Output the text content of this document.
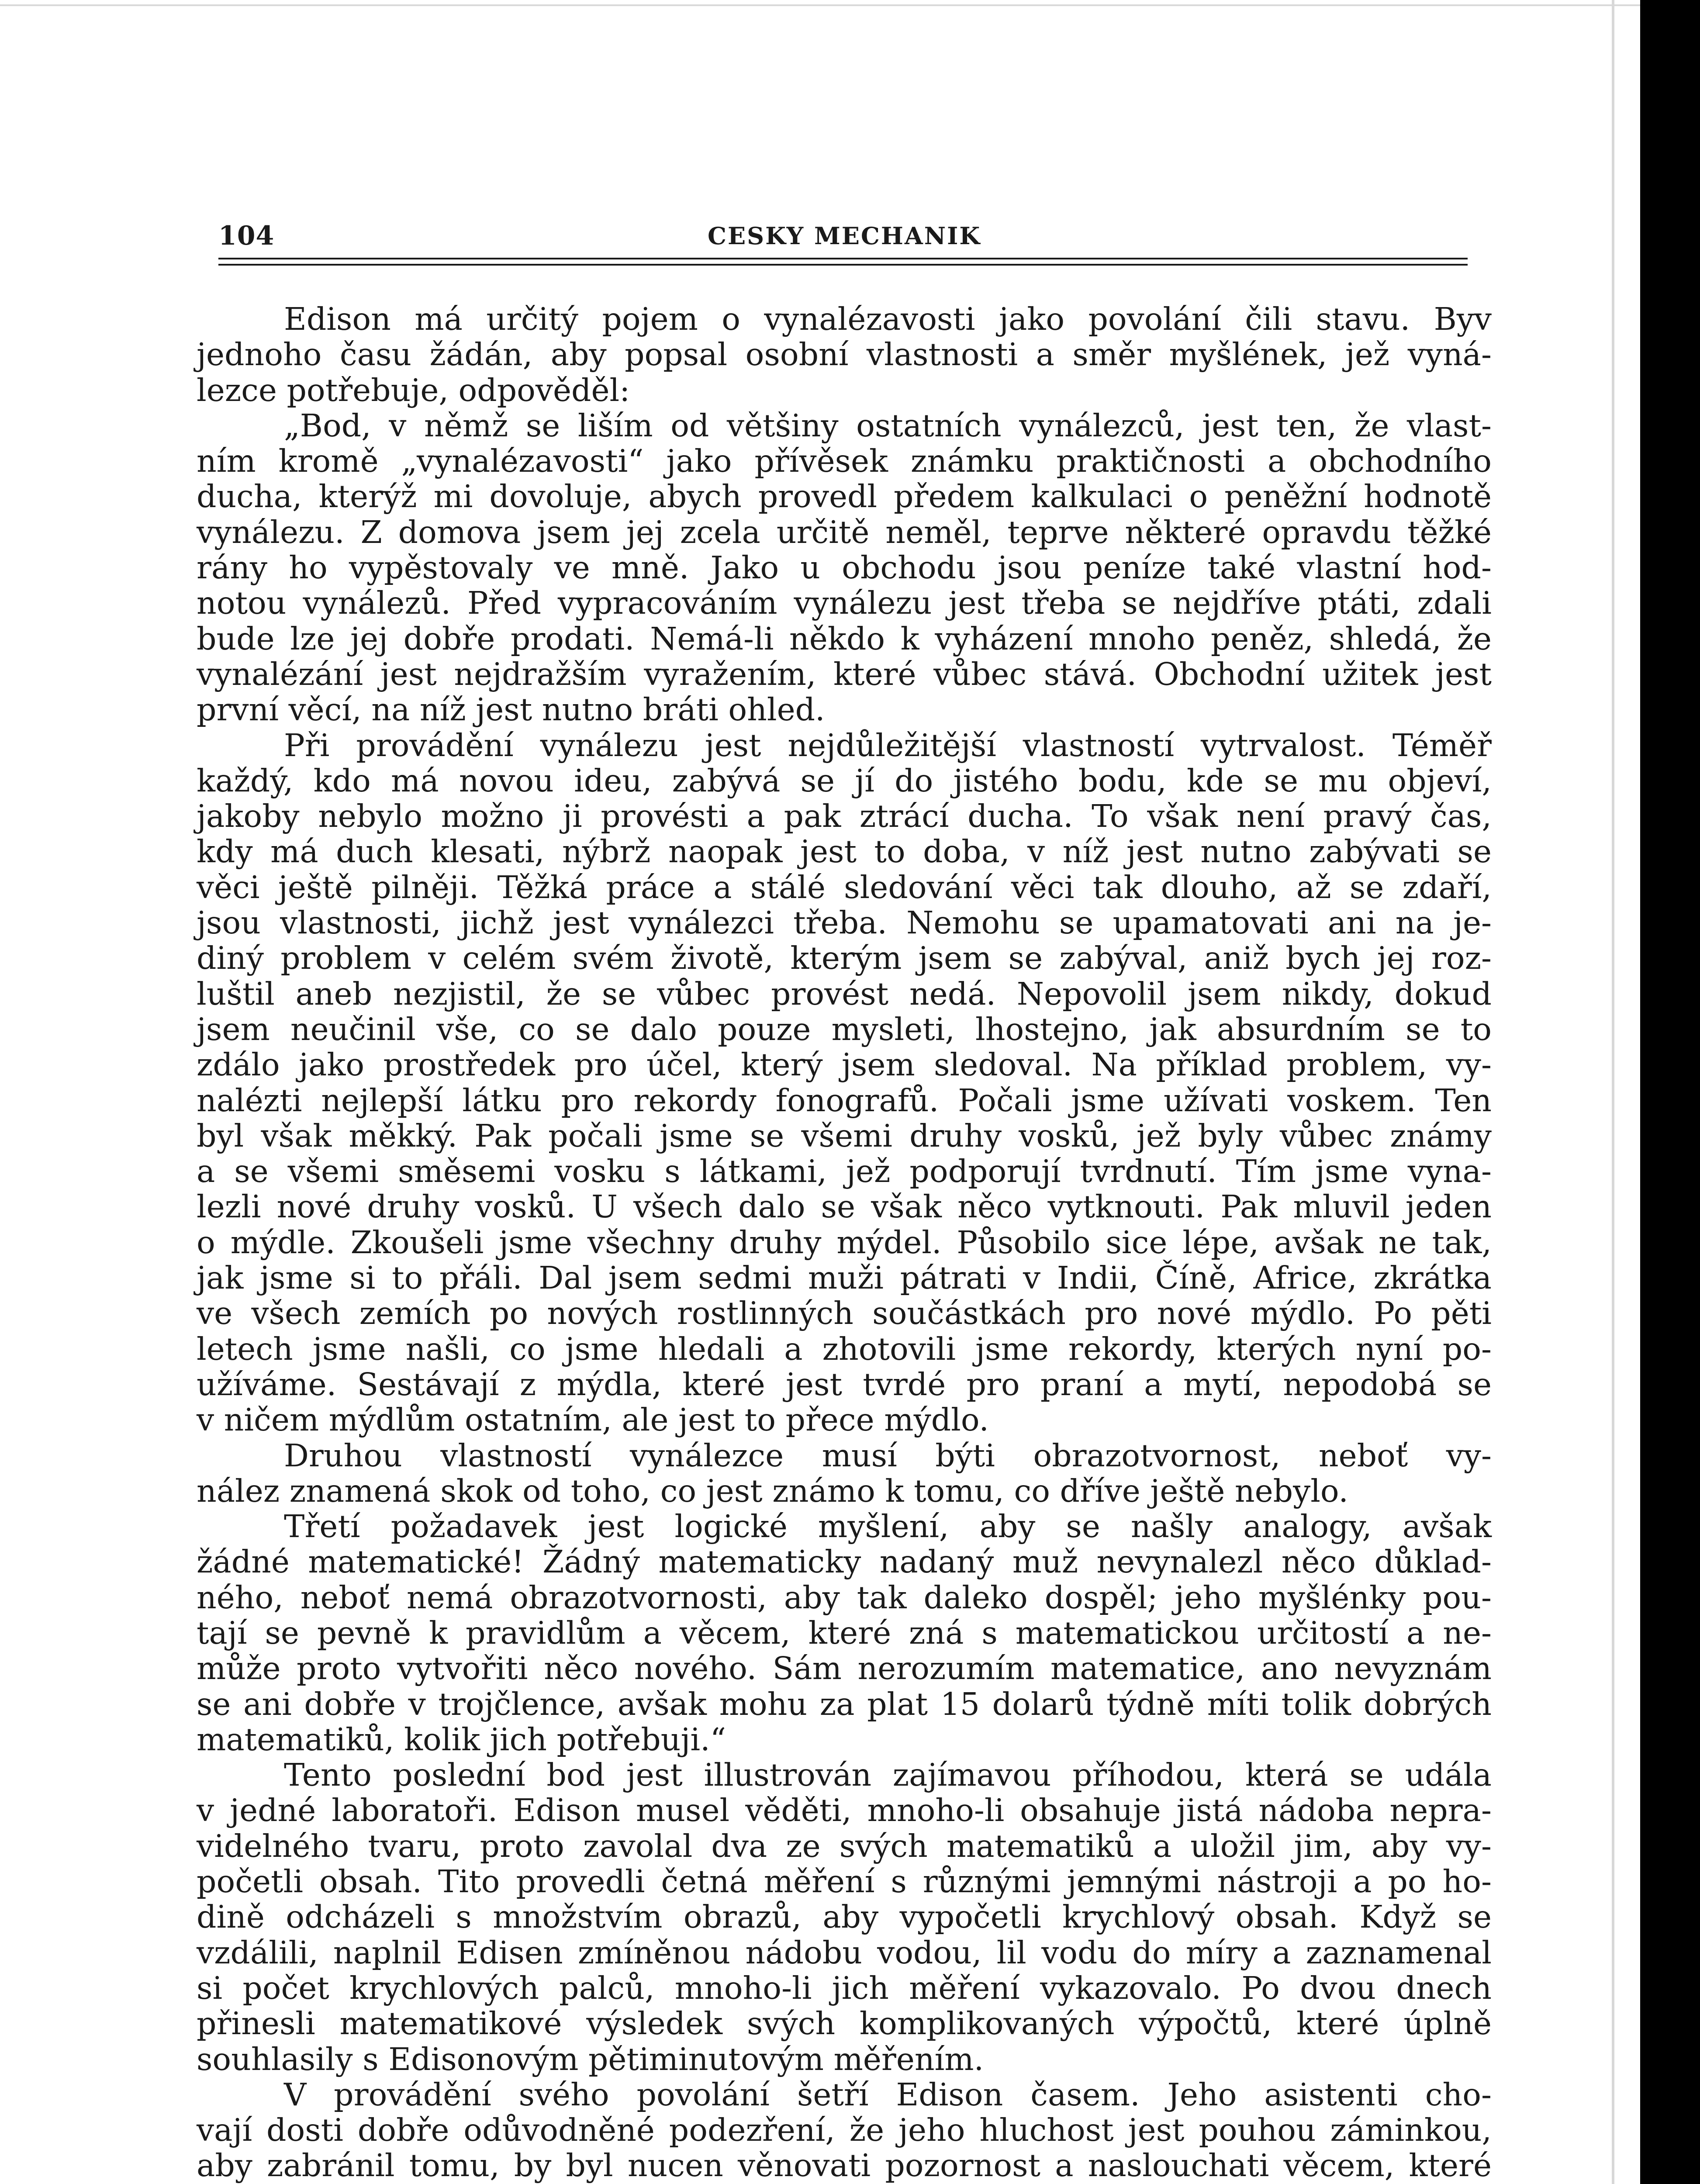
104	CESKY MECHANIK
Edison má určitý pojem o vynalézavosti jako povolání čili stavu. Byv
jednoho času žádán, aby popsal osobní vlastnosti a směr myšlének, jež vyná-
lezce potřebuje, odpověděl:
„Bod, v němž se liším od většiny ostatních vynálezců, jest ten, že vlast-
ním kromě „vynalézavosti“ jako přívěsek známku praktičnosti a obchodního
ducha, kterýž mi dovoluje, abych provedl předem kalkulaci o peněžní hodnotě
vynálezu. Z domova jsem jej zcela určitě neměl, teprve některé opravdu těžké
rány ho vypěstovaly ve mně. Jako u obchodu jsou peníze také vlastní hod-
notou vynálezů. Před vypracováním vynálezu jest třeba se nejdříve ptáti, zdali
bude lze jej dobře prodati. Nemá-li někdo k vyházení mnoho peněz, shledá, že
vynalézání jest nejdražším vyražením, které vůbec stává. Obchodní užitek jest
první věcí, na níž jest nutno bráti ohled.
Při provádění vynálezu jest nejdůležitější vlastností vytrvalost. Téměř
každý, kdo má novou ideu, zabývá se jí do jistého bodu, kde se mu objeví,
jakoby nebylo možno ji provésti a pak ztrácí ducha. To však není pravý čas,
kdy má duch klesati, nýbrž naopak jest to doba, v níž jest nutno zabývati se
věci ještě pilněji. Těžká práce a stálé sledování věci tak dlouho, až se zdaří,
jsou vlastnosti, jichž jest vynálezci třeba. Nemohu se upamatovati ani na je-
diný problem v celém svém životě, kterým jsem se zabýval, aniž bych jej roz-
luštil aneb nezjistil, že se vůbec provést nedá. Nepovolil jsem nikdy, dokud
jsem neučinil vše, co se dalo pouze mysleti, lhostejno, jak absurdním se to
zdálo jako prostředek pro účel, který jsem sledoval. Na příklad problem, vy-
nalézti nejlepší látku pro rekordy fonografů. Počali jsme užívati voskem. Ten
byl však měkký. Pak počali jsme se všemi druhy vosků, jež byly vůbec známy
a se všemi směsemi vosku s látkami, jež podporují tvrdnutí. Tím jsme vyna-
lezli nové druhy vosků. U všech dalo se však něco vytknouti. Pak mluvil jeden
o mýdle. Zkoušeli jsme všechny druhy mýdel. Působilo sice lépe, avšak ne tak,
jak jsme si to přáli. Dal jsem sedmi muži pátrati v Indii, Číně, Africe, zkrátka
ve všech zemích po nových rostlinných součástkách pro nové mýdlo. Po pěti
letech jsme našli, co jsme hledali a zhotovili jsme rekordy, kterých nyní po-
užíváme. Sestávají z mýdla, které jest tvrdé pro praní a mytí, nepodobá se
v ničem mýdlům ostatním, ale jest to přece mýdlo.
Druhou vlastností vynálezce musí býti obrazotvornost, neboť vy-
nález znamená skok od toho, co jest známo k tomu, co dříve ještě nebylo.
Třetí požadavek jest logické myšlení, aby se našly analogy, avšak
žádné matematické! Žádný matematicky nadaný muž nevynalezl něco důklad-
ného, neboť nemá obrazotvornosti, aby tak daleko dospěl; jeho myšlénky pou-
tají se pevně k pravidlům a věcem, které zná s matematickou určitostí a ne-
může proto vytvořiti něco nového. Sám nerozumím matematice, ano nevyznám
se ani dobře v trojčlence, avšak mohu za plat 15 dolarů týdně míti tolik dobrých
matematiků, kolik jich potřebuji.“
Tento poslední bod jest illustrován zajímavou příhodou, která se udála
v jedné laboratoři. Edison musel věděti, mnoho-li obsahuje jistá nádoba nepra-
videlného tvaru, proto zavolal dva ze svých matematiků a uložil jim, aby vy-
početli obsah. Tito provedli četná měření s různými jemnými nástroji a po ho-
dině odcházeli s množstvím obrazů, aby vypočetli krychlový obsah. Když se
vzdálili, naplnil Edisen zmíněnou nádobu vodou, lil vodu do míry a zaznamenal
si počet krychlových palců, mnoho-li jich měření vykazovalo. Po dvou dnech
přinesli matematikové výsledek svých komplikovaných výpočtů, které úplně
souhlasily s Edisonovým pětiminutovým měřením.
V provádění svého povolání šetří Edison časem. Jeho asistenti cho-
vají dosti dobře odůvodněné podezření, že jeho hluchost jest pouhou záminkou,
aby zabránil tomu, by byl nucen věnovati pozornost a naslouchati věcem, které
